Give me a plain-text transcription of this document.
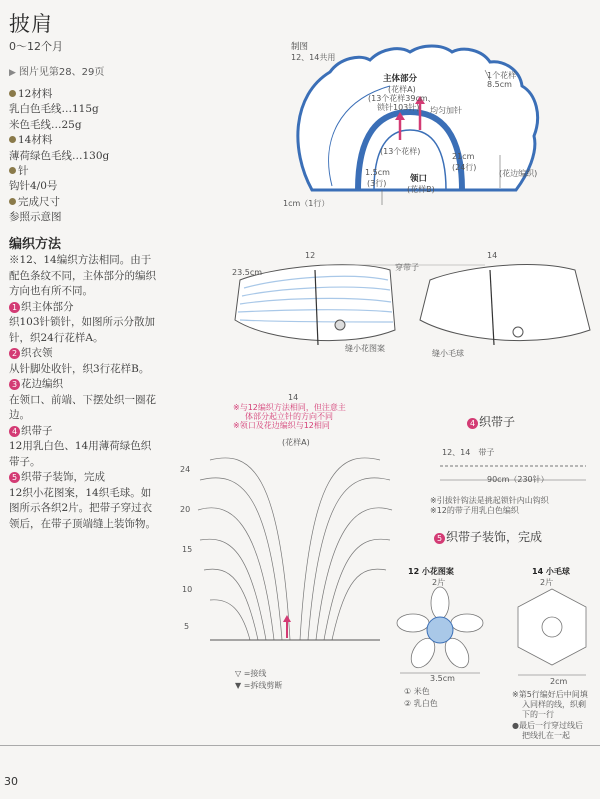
披肩
0～12个月
▶ 图片见第28、29页
12材料
乳白色毛线…115g
米色毛线…25g
14材料
薄荷绿色毛线…130g
针
钩针4/0号
完成尺寸
参照示意图
编织方法
※12、14编织方法相同。由于配色条纹不同，主体部分的编织方向也有所不同。
1 织主体部分
织103针锁针，如图所示分散加针，织24行花样A。
2 织衣领
从针脚处收针，织3行花样B。
3 花边编织
在领口、前端、下摆处织一圈花边。
4 织带子
12用乳白色、14用薄荷绿色织带子。
5 织带子装饰，完成
12织小花图案，14织毛球。如图所示各织2片。把带子穿过衣领后，在带子顶端缝上装饰物。
制图
12、14共用
主体部分
(花样A)
(13个花样39cm、
锁针103针) 均匀加针
1个花样
8.5cm
(13个花样)
21cm
(24行)
(花边编织)
1.5cm
(3行)	领口
(花样B)
1cm（1行）
12	14
23.5cm
穿带子
缝小花图案
缝小毛球
14
※与12编织方法相同，但注意主
体部分起立针的方向不同
※领口及花边编织与12相同
(花样A)
24
20
15
10
5
▽ =接线
▼ =拆线剪断
4 织带子
12、14　带子
90cm（230针）
※引拔针钩法是挑起锁针内山钩织
※12的带子用乳白色编织
5 织带子装饰，完成
12 小花图案
2片
3.5cm
① 米色
② 乳白色
14 小毛球
2片
2cm
※第5行编好后中间填
入同样的线，织剩
下的一行
●最后一行穿过线后
把线扎在一起
30
